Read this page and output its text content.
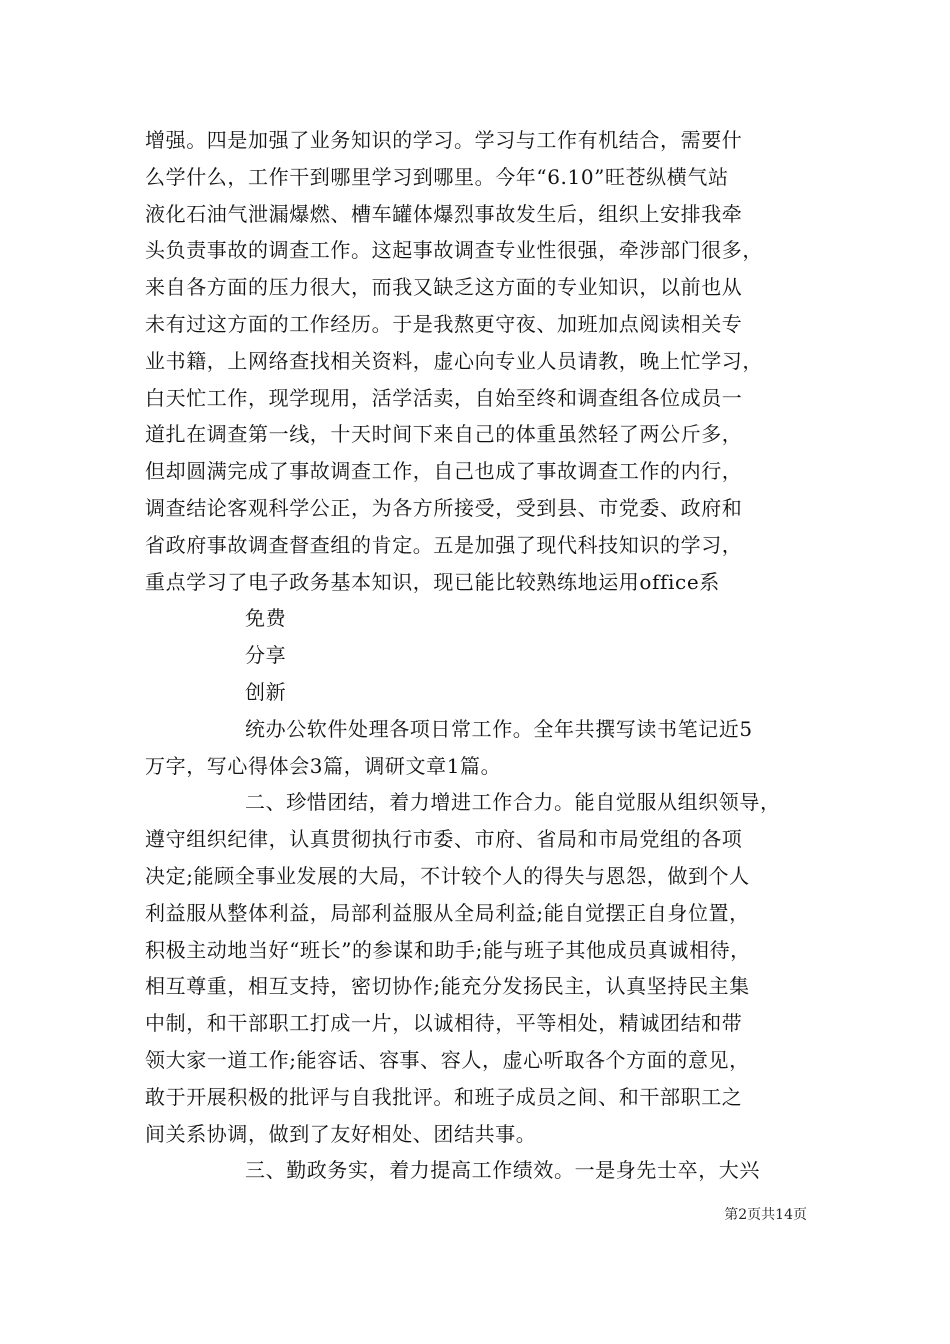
增强。四是加强了业务知识的学习。学习与工作有机结合，需要什
么学什么，工作干到哪里学习到哪里。今年“6.10”旺苍纵横气站
液化石油气泄漏爆燃、槽车罐体爆烈事故发生后，组织上安排我牵
头负责事故的调查工作。这起事故调查专业性很强，牵涉部门很多，
来自各方面的压力很大，而我又缺乏这方面的专业知识，以前也从
未有过这方面的工作经历。于是我熬更守夜、加班加点阅读相关专
业书籍，上网络查找相关资料，虚心向专业人员请教，晚上忙学习，
白天忙工作，现学现用，活学活卖，自始至终和调查组各位成员一
道扎在调查第一线，十天时间下来自己的体重虽然轻了两公斤多，
但却圆满完成了事故调查工作，自己也成了事故调查工作的内行，
调查结论客观科学公正，为各方所接受，受到县、市党委、政府和
省政府事故调查督查组的肯定。五是加强了现代科技知识的学习，
重点学习了电子政务基本知识，现已能比较熟练地运用office系
免费
分享
创新
统办公软件处理各项日常工作。全年共撰写读书笔记近5
万字，写心得体会3篇，调研文章1篇。
二、珍惜团结，着力增进工作合力。能自觉服从组织领导，
遵守组织纪律，认真贯彻执行市委、市府、省局和市局党组的各项
决定;能顾全事业发展的大局，不计较个人的得失与恩怨，做到个人
利益服从整体利益，局部利益服从全局利益;能自觉摆正自身位置，
积极主动地当好“班长”的参谋和助手;能与班子其他成员真诚相待，
相互尊重，相互支持，密切协作;能充分发扬民主，认真坚持民主集
中制，和干部职工打成一片，以诚相待，平等相处，精诚团结和带
领大家一道工作;能容话、容事、容人，虚心听取各个方面的意见，
敢于开展积极的批评与自我批评。和班子成员之间、和干部职工之
间关系协调，做到了友好相处、团结共事。
三、勤政务实，着力提高工作绩效。一是身先士卒，大兴
第2页共14页
